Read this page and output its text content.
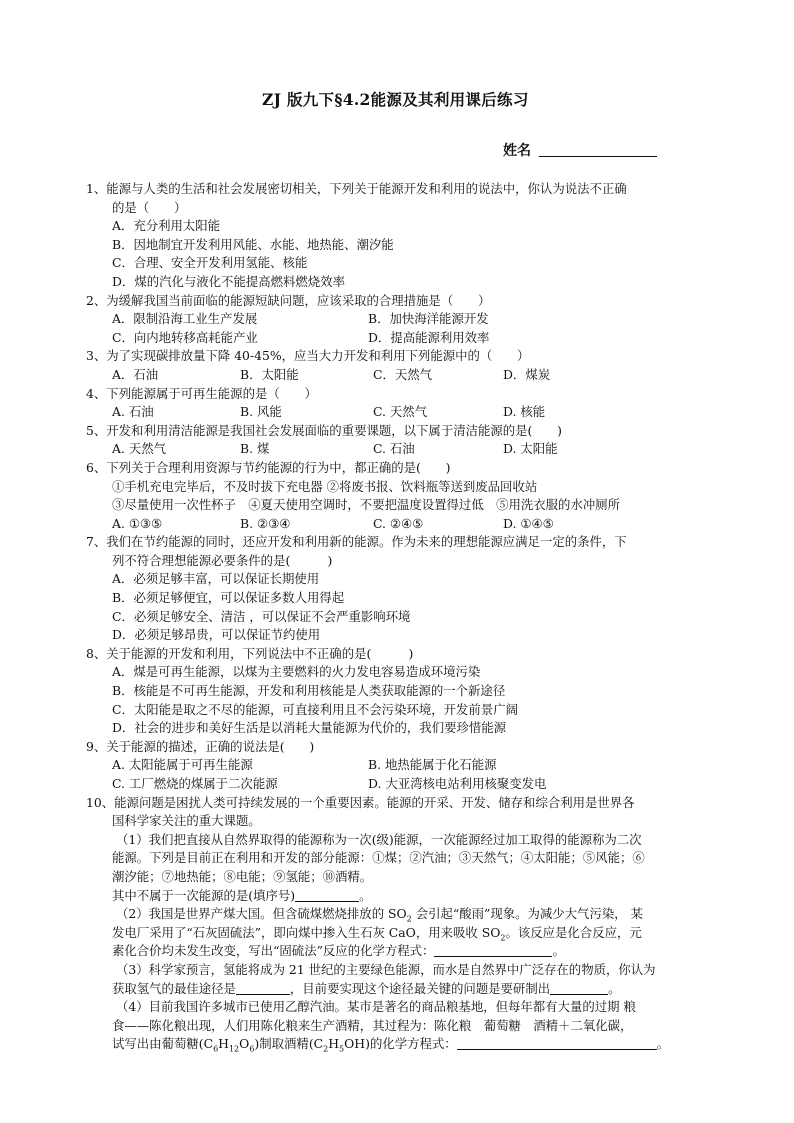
ZJ 版九下§4.2能源及其利用课后练习
姓名
1、能源与人类的生活和社会发展密切相关，下列关于能源开发和利用的说法中，你认为说法不正确
的是（　　）
A．充分利用太阳能
B．因地制宜开发利用风能、水能、地热能、潮汐能
C．合理、安全开发利用氢能、核能
D．煤的汽化与液化不能提高燃料燃烧效率
2、为缓解我国当前面临的能源短缺问题，应该采取的合理措施是（　　）
A．限制沿海工业生产发展	B．加快海洋能源开发
C．向内地转移高耗能产业	D．提高能源利用效率
3、为了实现碳排放量下降 40-45%，应当大力开发和利用下列能源中的（　　）
A．石油	B．太阳能	C．天然气	D．煤炭
4、下列能源属于可再生能源的是（　　）
A. 石油	B. 风能	C. 天然气	D. 核能
5、开发和利用清洁能源是我国社会发展面临的重要课题，以下属于清洁能源的是(　　)
A. 天然气	B. 煤	C. 石油	D. 太阳能
6、下列关于合理利用资源与节约能源的行为中，都正确的是(　　)
①手机充电完毕后，不及时拔下充电器 ②将废书报、饮料瓶等送到废品回收站
③尽量使用一次性杯子　④夏天使用空调时，不要把温度设置得过低　⑤用洗衣服的水冲厕所
A. ①③⑤	B. ②③④	C. ②④⑤	D. ①④⑤
7、我们在节约能源的同时，还应开发和利用新的能源。作为未来的理想能源应满足一定的条件，下
列不符合理想能源必要条件的是(　　　)
A．必须足够丰富，可以保证长期使用
B．必须足够便宜，可以保证多数人用得起
C．必须足够安全、清洁 ，可以保证不会严重影响环境
D．必须足够昂贵，可以保证节约使用
8、关于能源的开发和利用，下列说法中不正确的是(　　　)
A．煤是可再生能源，以煤为主要燃料的火力发电容易造成环境污染
B．核能是不可再生能源，开发和利用核能是人类获取能源的一个新途径
C．太阳能是取之不尽的能源，可直接利用且不会污染环境，开发前景广阔
D．社会的进步和美好生活是以消耗大量能源为代价的，我们要珍惜能源
9、关于能源的描述，正确的说法是(　　)
A. 太阳能属于可再生能源	B. 地热能属于化石能源
C. 工厂燃烧的煤属于二次能源	D. 大亚湾核电站利用核聚变发电
10、能源问题是困扰人类可持续发展的一个重要因素。能源的开采、开发、储存和综合利用是世界各
国科学家关注的重大课题。
（1）我们把直接从自然界取得的能源称为一次(级)能源，一次能源经过加工取得的能源称为二次
能源。下列是目前正在利用和开发的部分能源：①煤；②汽油；③天然气；④太阳能；⑤风能；⑥
潮汐能；⑦地热能；⑧电能；⑨氢能；⑩酒精。
其中不属于一次能源的是(填序号)	。
（2）我国是世界产煤大国。但含硫煤燃烧排放的 $SO_2$ 会引起“酸雨”现象。为减少大气污染， 某
发电厂采用了“石灰固硫法”，即向煤中掺入生石灰 CaO，用来吸收 $SO_2$。该反应是化合反应，元
素化合价均未发生改变，写出“固硫法”反应的化学方程式：	。
（3）科学家预言，氢能将成为 21 世纪的主要绿色能源，而水是自然界中广泛存在的物质，你认为
获取氢气的最佳途径是	，目前要实现这个途径最关键的问题是要研制出	。
（4）目前我国许多城市已使用乙醇汽油。某市是著名的商品粮基地，但每年都有大量的过期 粮
食——陈化粮出现，人们用陈化粮来生产酒精，其过程为：陈化粮　葡萄糖　酒精＋二氧化碳，
试写出由葡萄糖$(C_6H_{12}O_6)$制取酒精$(C_2H_5OH)$的化学方程式：	。
